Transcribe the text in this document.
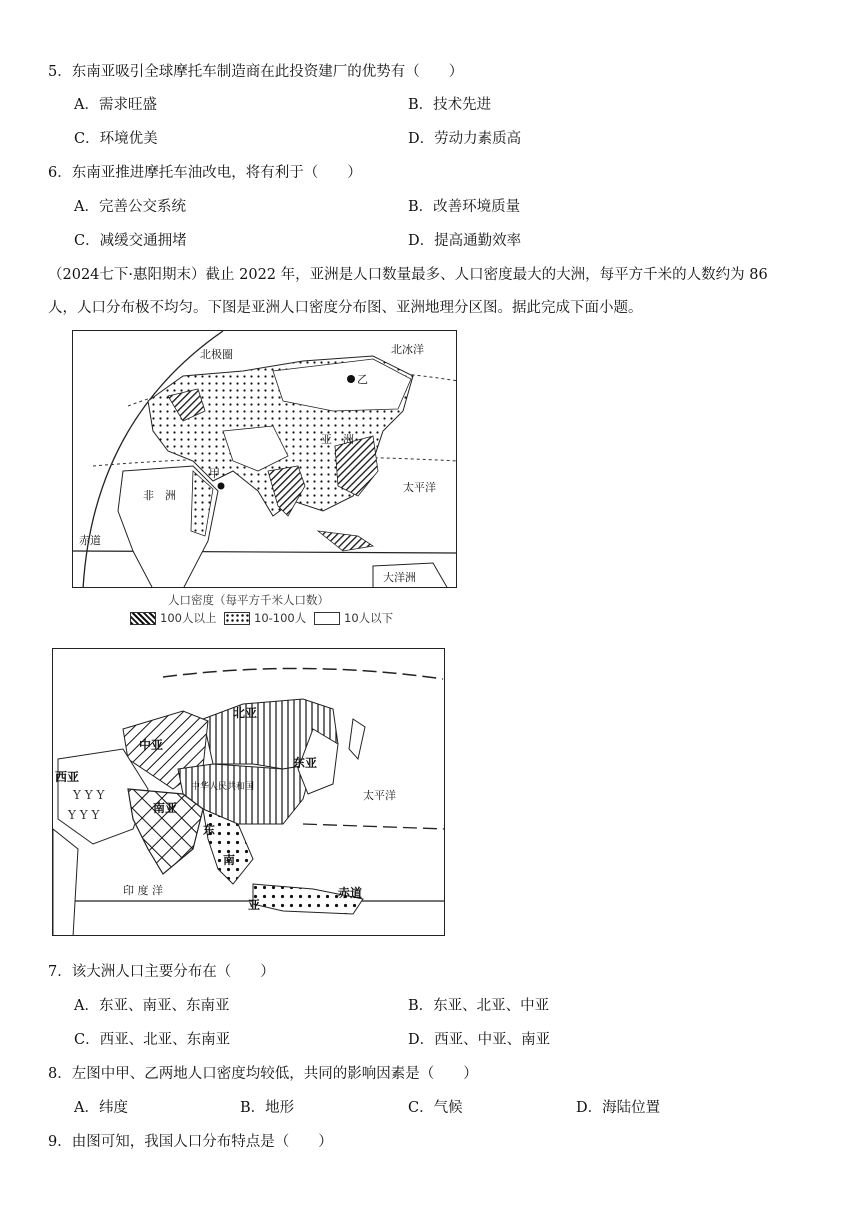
5．东南亚吸引全球摩托车制造商在此投资建厂的优势有（　　）
A．需求旺盛	B．技术先进
C．环境优美	D．劳动力素质高
6．东南亚推进摩托车油改电，将有利于（　　）
A．完善公交系统	B．改善环境质量
C．减缓交通拥堵	D．提高通勤效率
（2024七下·惠阳期末）截止 2022 年，亚洲是人口数量最多、人口密度最大的大洲，每平方千米的人数约为 86
人，人口分布极不均匀。下图是亚洲人口密度分布图、亚洲地理分区图。据此完成下面小题。
北极圈	北冰洋
乙
甲
亚　洲
非　洲
太平洋
赤道
大洋洲
人口密度（每平方千米人口数）
100人以上	10-100人	10人以下
Y Y Y
Y Y Y
北亚
中亚
西亚
中华人民共和国
东亚
南亚
东
南
亚
太平洋
印 度 洋	赤道
7．该大洲人口主要分布在（　　）
A．东亚、南亚、东南亚	B．东亚、北亚、中亚
C．西亚、北亚、东南亚	D．西亚、中亚、南亚
8．左图中甲、乙两地人口密度均较低，共同的影响因素是（　　）
A．纬度	B．地形	C．气候	D．海陆位置
9．由图可知，我国人口分布特点是（　　）
